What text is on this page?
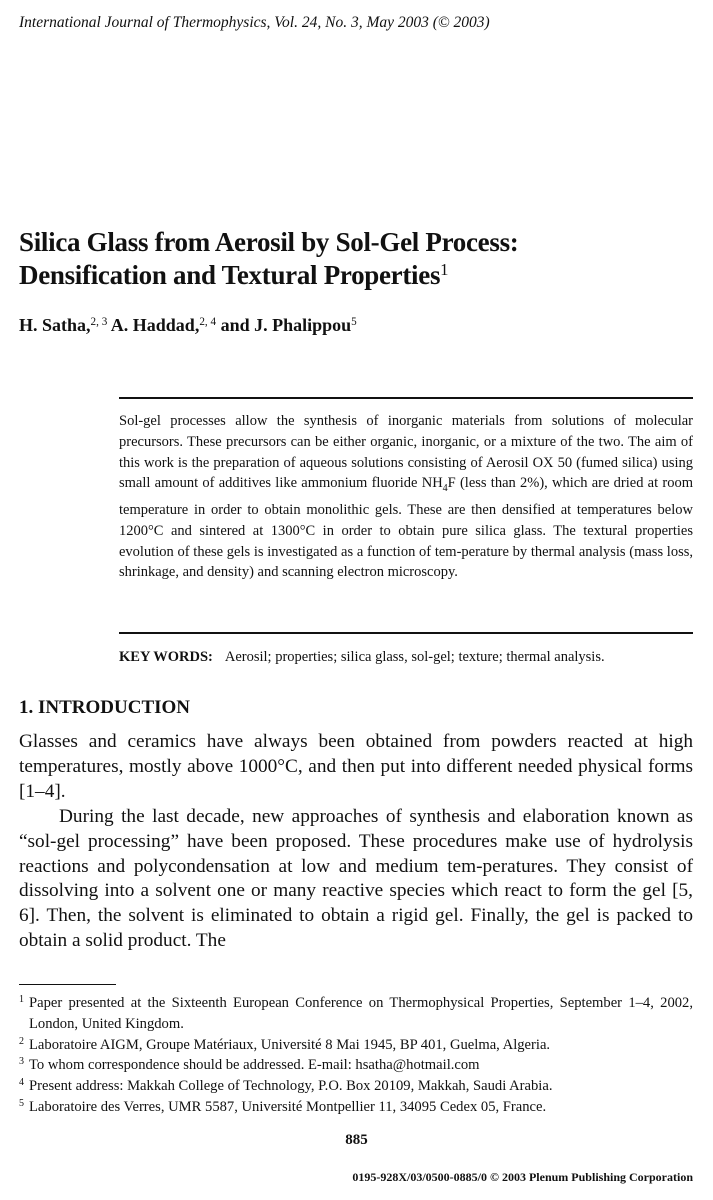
International Journal of Thermophysics, Vol. 24, No. 3, May 2003 (© 2003)
Silica Glass from Aerosil by Sol-Gel Process:
Densification and Textural Properties$^1$
H. Satha,$^{2, 3}$ A. Haddad,$^{2, 4}$ and J. Phalippou$^5$
Sol-gel processes allow the synthesis of inorganic materials from solutions of molecular precursors. These precursors can be either organic, inorganic, or a mixture of the two. The aim of this work is the preparation of aqueous solutions consisting of Aerosil OX 50 (fumed silica) using small amount of additives like ammonium fluoride $NH_4F$ (less than 2%), which are dried at room temperature in order to obtain monolithic gels. These are then densified at temperatures below 1200°C and sintered at 1300°C in order to obtain pure silica glass. The textural properties evolution of these gels is investigated as a function of tem-perature by thermal analysis (mass loss, shrinkage, and density) and scanning electron microscopy.
KEY WORDS: Aerosil; properties; silica glass, sol-gel; texture; thermal analysis.
1. INTRODUCTION

Glasses and ceramics have always been obtained from powders reacted at high temperatures, mostly above 1000°C, and then put into different needed physical forms [1–4].

During the last decade, new approaches of synthesis and elaboration known as “sol-gel processing” have been proposed. These procedures make use of hydrolysis reactions and polycondensation at low and medium tem-peratures. They consist of dissolving into a solvent one or many reactive species which react to form the gel [5, 6]. Then, the solvent is eliminated to obtain a rigid gel. Finally, the gel is packed to obtain a solid product. The

1 Paper presented at the Sixteenth European Conference on Thermophysical Properties, September 1–4, 2002, London, United Kingdom.
2 Laboratoire AIGM, Groupe Matériaux, Université 8 Mai 1945, BP 401, Guelma, Algeria.
3 To whom correspondence should be addressed. E-mail: hsatha@hotmail.com
4 Present address: Makkah College of Technology, P.O. Box 20109, Makkah, Saudi Arabia.
5 Laboratoire des Verres, UMR 5587, Université Montpellier 11, 34095 Cedex 05, France.
885
0195-928X/03/0500-0885/0 © 2003 Plenum Publishing Corporation
